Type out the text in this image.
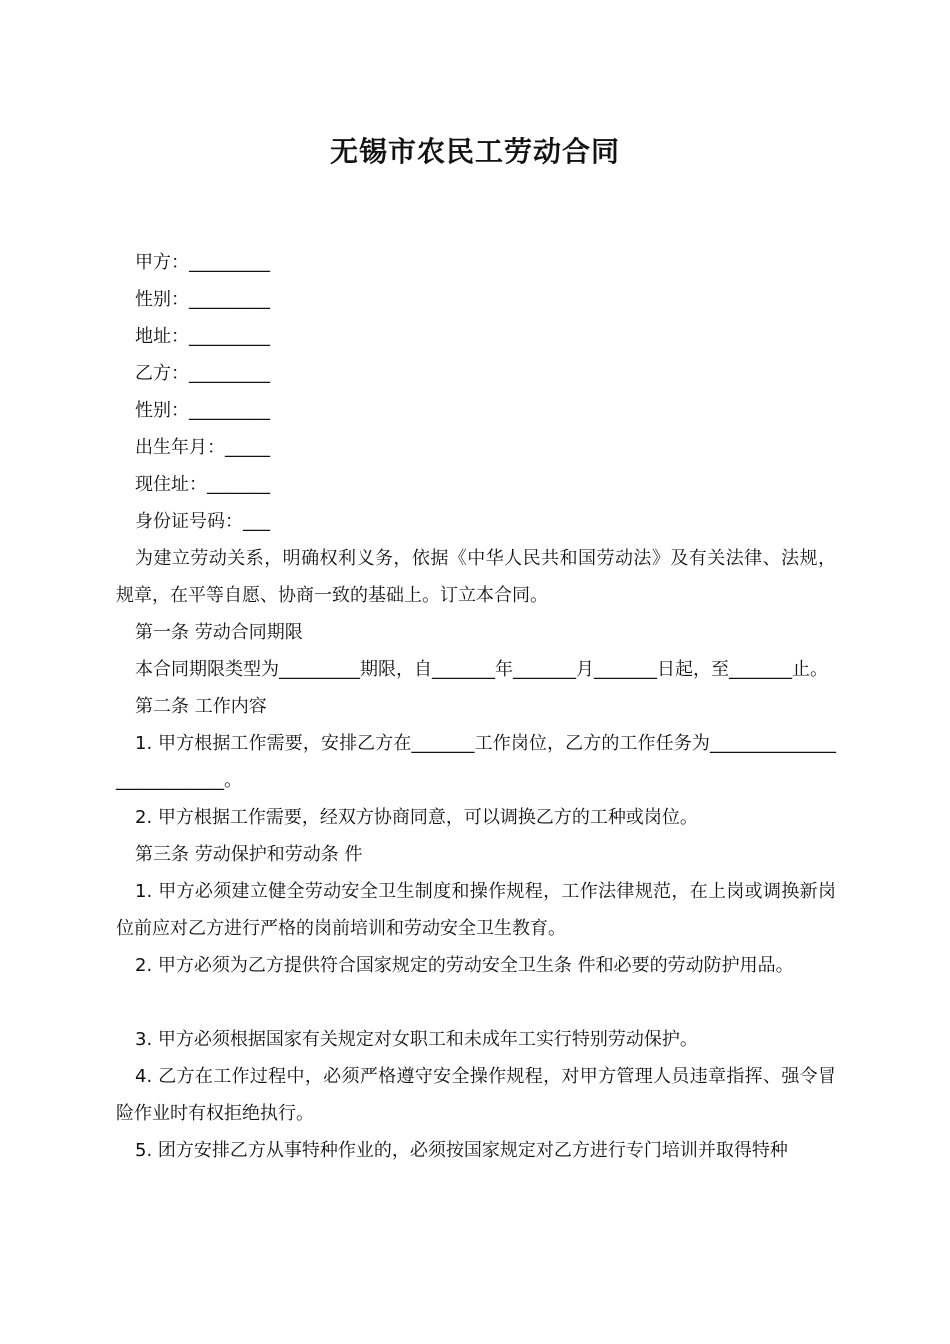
无锡市农民工劳动合同

甲方：_________

性别：_________

地址：_________

乙方：_________

性别：_________

出生年月：_____

现住址：_______

身份证号码：___

为建立劳动关系，明确权利义务，依据《中华人民共和国劳动法》及有关法律、法规，规章，在平等自愿、协商一致的基础上。订立本合同。

第一条 劳动合同期限

本合同期限类型为_________期限，自_______年_______月_______日起，至_______止。

第二条 工作内容

1. 甲方根据工作需要，安排乙方在_______工作岗位，乙方的工作任务为__________________________。

2. 甲方根据工作需要，经双方协商同意，可以调换乙方的工种或岗位。

第三条 劳动保护和劳动条 件

1. 甲方必须建立健全劳动安全卫生制度和操作规程，工作法律规范，在上岗或调换新岗位前应对乙方进行严格的岗前培训和劳动安全卫生教育。

2. 甲方必须为乙方提供符合国家规定的劳动安全卫生条 件和必要的劳动防护用品。

3. 甲方必须根据国家有关规定对女职工和未成年工实行特别劳动保护。

4. 乙方在工作过程中，必须严格遵守安全操作规程，对甲方管理人员违章指挥、强令冒险作业时有权拒绝执行。

5. 团方安排乙方从事特种作业的，必须按国家规定对乙方进行专门培训并取得特种
